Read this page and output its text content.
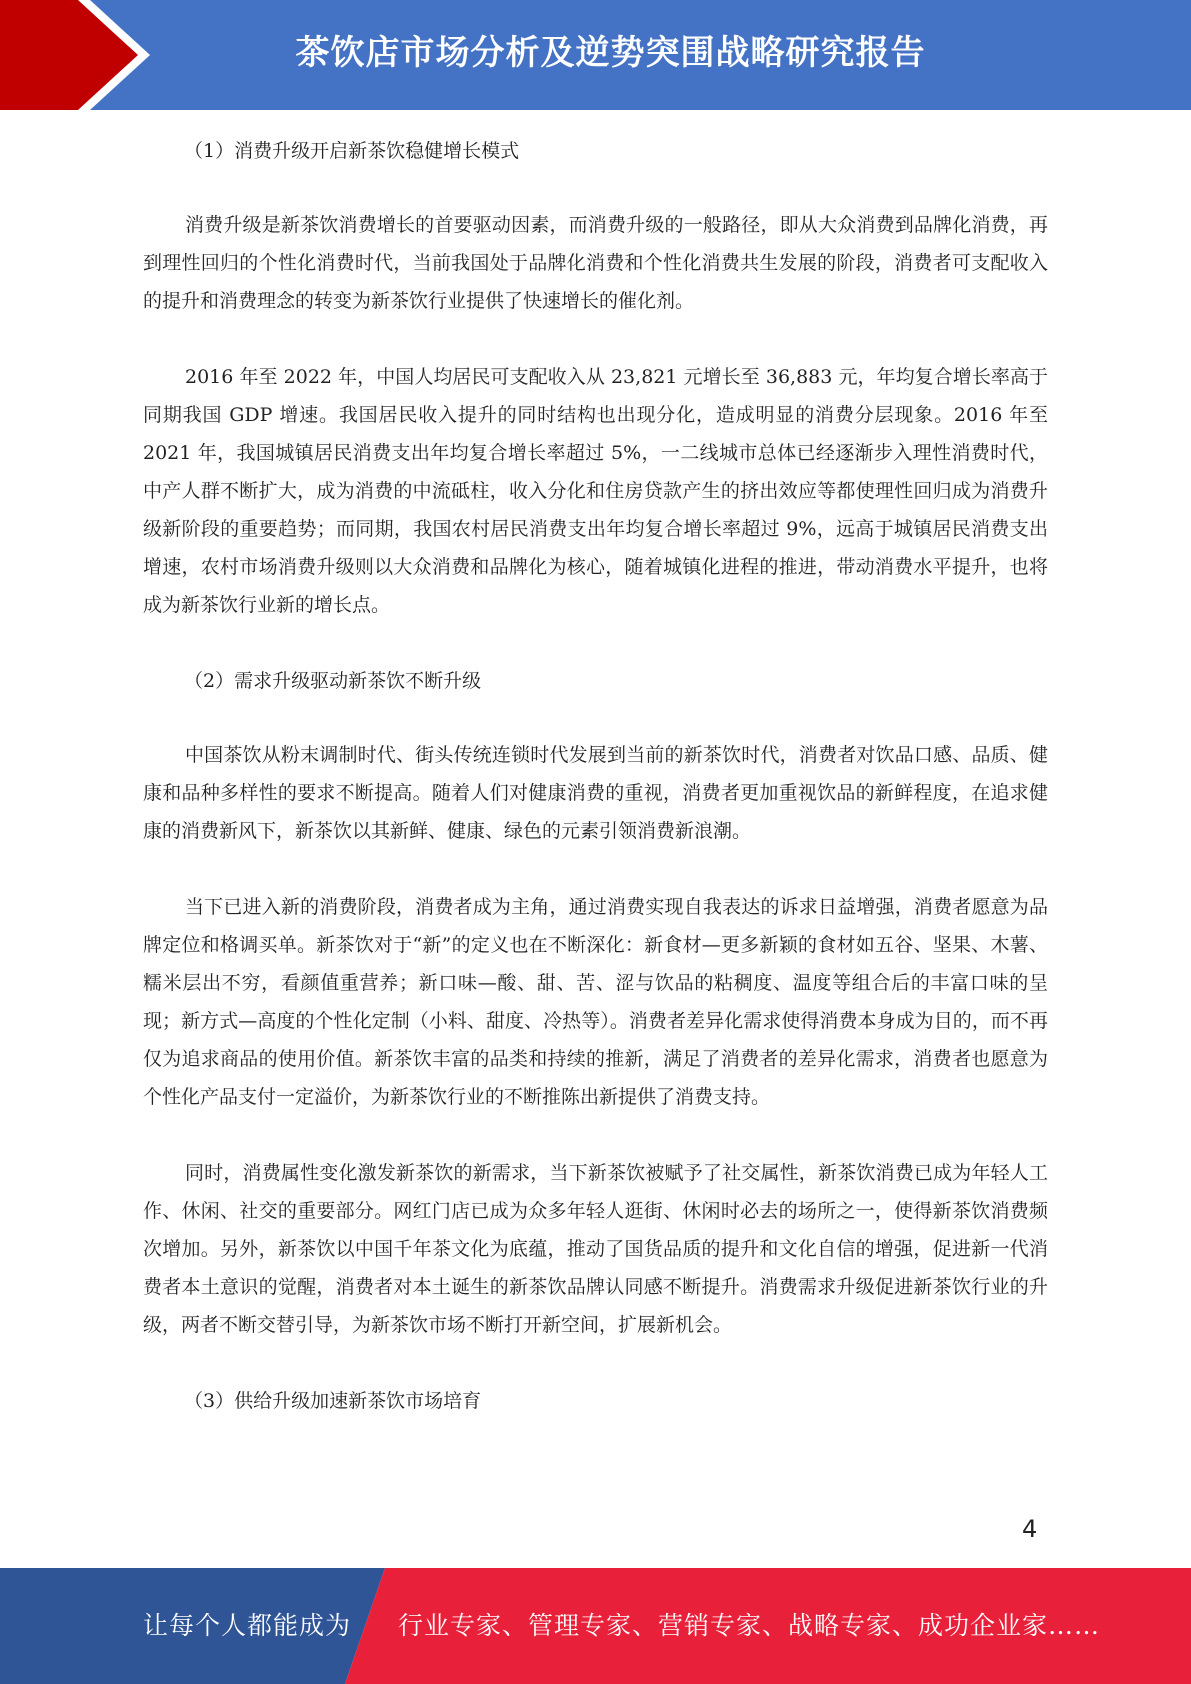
茶饮店市场分析及逆势突围战略研究报告
（1）消费升级开启新茶饮稳健增长模式
消费升级是新茶饮消费增长的首要驱动因素，而消费升级的一般路径，即从大众消费到品牌化消费，再到理性回归的个性化消费时代，当前我国处于品牌化消费和个性化消费共生发展的阶段，消费者可支配收入的提升和消费理念的转变为新茶饮行业提供了快速增长的催化剂。
2016 年至 2022 年，中国人均居民可支配收入从 23,821 元增长至 36,883 元，年均复合增长率高于同期我国 GDP 增速。我国居民收入提升的同时结构也出现分化，造成明显的消费分层现象。2016 年至 2021 年，我国城镇居民消费支出年均复合增长率超过 5%，一二线城市总体已经逐渐步入理性消费时代，中产人群不断扩大，成为消费的中流砥柱，收入分化和住房贷款产生的挤出效应等都使理性回归成为消费升级新阶段的重要趋势；而同期，我国农村居民消费支出年均复合增长率超过 9%，远高于城镇居民消费支出增速，农村市场消费升级则以大众消费和品牌化为核心，随着城镇化进程的推进，带动消费水平提升，也将成为新茶饮行业新的增长点。
（2）需求升级驱动新茶饮不断升级
中国茶饮从粉末调制时代、街头传统连锁时代发展到当前的新茶饮时代，消费者对饮品口感、品质、健康和品种多样性的要求不断提高。随着人们对健康消费的重视，消费者更加重视饮品的新鲜程度，在追求健康的消费新风下，新茶饮以其新鲜、健康、绿色的元素引领消费新浪潮。
当下已进入新的消费阶段，消费者成为主角，通过消费实现自我表达的诉求日益增强，消费者愿意为品牌定位和格调买单。新茶饮对于“新”的定义也在不断深化：新食材—更多新颖的食材如五谷、坚果、木薯、糯米层出不穷，看颜值重营养；新口味—酸、甜、苦、涩与饮品的粘稠度、温度等组合后的丰富口味的呈现；新方式—高度的个性化定制（小料、甜度、冷热等）。消费者差异化需求使得消费本身成为目的，而不再仅为追求商品的使用价值。新茶饮丰富的品类和持续的推新，满足了消费者的差异化需求，消费者也愿意为个性化产品支付一定溢价，为新茶饮行业的不断推陈出新提供了消费支持。
同时，消费属性变化激发新茶饮的新需求，当下新茶饮被赋予了社交属性，新茶饮消费已成为年轻人工作、休闲、社交的重要部分。网红门店已成为众多年轻人逛街、休闲时必去的场所之一，使得新茶饮消费频次增加。另外，新茶饮以中国千年茶文化为底蕴，推动了国货品质的提升和文化自信的增强，促进新一代消费者本土意识的觉醒，消费者对本土诞生的新茶饮品牌认同感不断提升。消费需求升级促进新茶饮行业的升级，两者不断交替引导，为新茶饮市场不断打开新空间，扩展新机会。
（3）供给升级加速新茶饮市场培育
4
让每个人都能成为 行业专家、管理专家、营销专家、战略专家、成功企业家……
